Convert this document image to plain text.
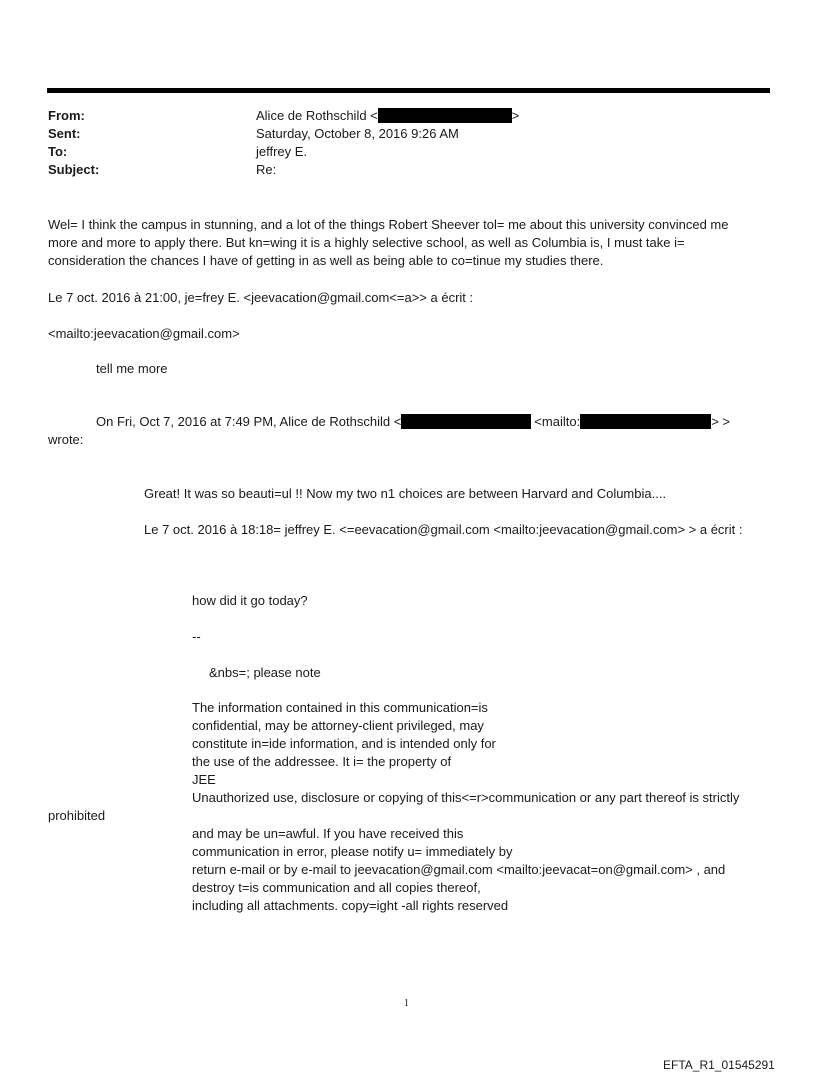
From:	Alice de Rothschild <	>
Sent:	Saturday, October 8, 2016 9:26 AM
To:	jeffrey E.
Subject:	Re:
Wel= I think the campus in stunning, and a lot of the things Robert Sheever tol= me about this university convinced me
more and more to apply there. But kn=wing it is a highly selective school, as well as Columbia is, I must take i=
consideration the chances I have of getting in as well as being able to co=tinue my studies there.
Le 7 oct. 2016 à 21:00, je=frey E. <jeevacation@gmail.com<=a>> a écrit :
<mailto:jeevacation@gmail.com>
tell me more
On Fri, Oct 7, 2016 at 7:49 PM, Alice de Rothschild <	<mailto:	> >
wrote:
Great! It was so beauti=ul !! Now my two n1 choices are between Harvard and Columbia....
Le 7 oct. 2016 à 18:18= jeffrey E. <=eevacation@gmail.com <mailto:jeevacation@gmail.com> > a écrit :
how did it go today?
--
&nbs=; please note
The information contained in this communication=is
confidential, may be attorney-client privileged, may
constitute in=ide information, and is intended only for
the use of the addressee. It i= the property of
JEE
Unauthorized use, disclosure or copying of this<=r>communication or any part thereof is strictly
prohibited
and may be un=awful. If you have received this
communication in error, please notify u= immediately by
return e-mail or by e-mail to jeevacation@gmail.com <mailto:jeevacat=on@gmail.com> , and
destroy t=is communication and all copies thereof,
including all attachments. copy=ight -all rights reserved
1
EFTA_R1_01545291
